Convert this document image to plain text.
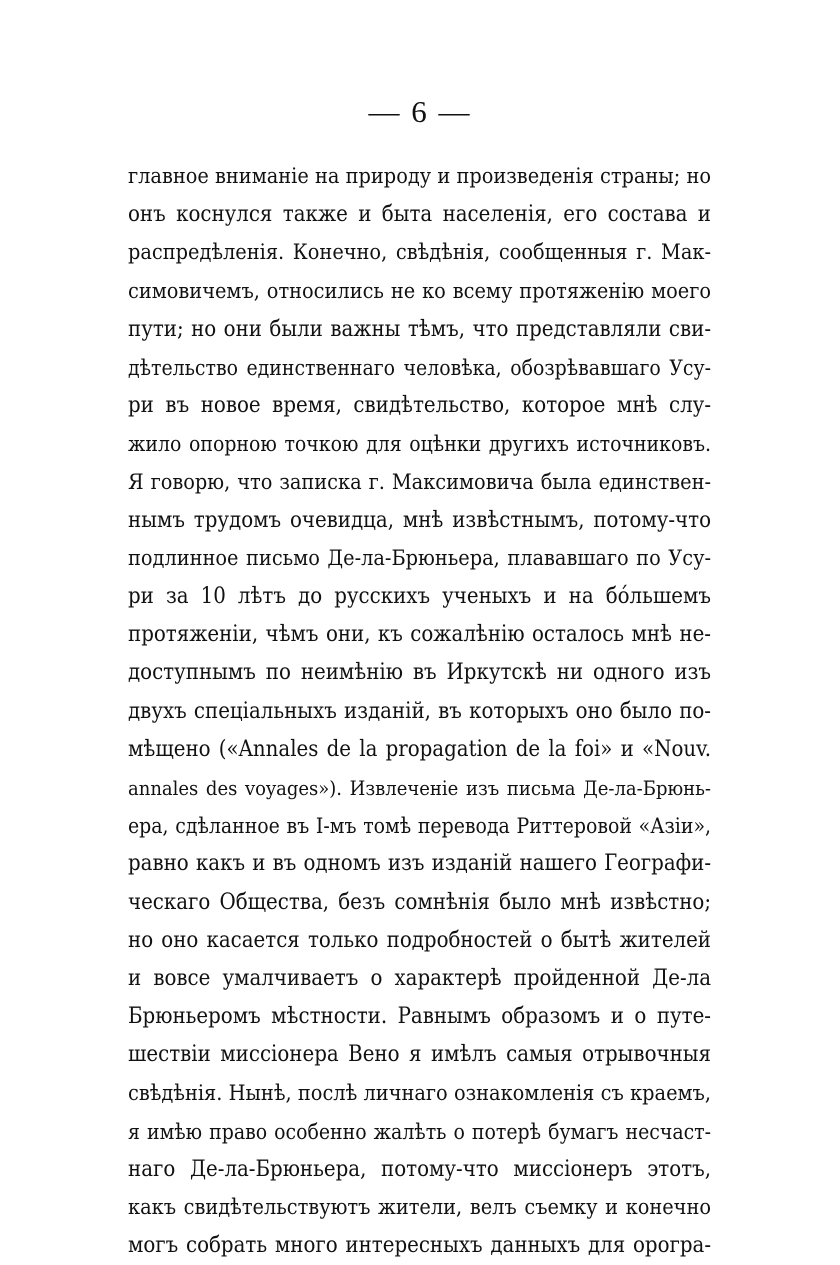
— 6 —
главное вниманіе на природу и произведенія страны; но
онъ коснулся также и быта населенія, его состава и
распредѣленія. Конечно, свѣдѣнія, сообщенныя г. Мак-
симовичемъ, относились не ко всему протяженію моего
пути; но они были важны тѣмъ, что представляли сви-
дѣтельство единственнаго человѣка, обозрѣвавшаго Усу-
ри въ новое время, свидѣтельство, которое мнѣ слу-
жило опорною точкою для оцѣнки другихъ источниковъ.
Я говорю, что записка г. Максимовича была единствен-
нымъ трудомъ очевидца, мнѣ извѣстнымъ, потому-что
подлинное письмо Де-ла-Брюньера, плававшаго по Усу-
ри за 10 лѣтъ до русскихъ ученыхъ и на бо́льшемъ
протяженіи, чѣмъ они, къ сожалѣнію осталось мнѣ не-
доступнымъ по неимѣнію въ Иркутскѣ ни одного изъ
двухъ спеціальныхъ изданій, въ которыхъ оно было по-
мѣщено («Annales de la propagation de la foi» и «Nouv.
annales des voyages»). Извлеченіе изъ письма Де-ла-Брюнь-
ера, сдѣланное въ I-мъ томѣ перевода Риттеровой «Азіи»,
равно какъ и въ одномъ изъ изданій нашего Географи-
ческаго Общества, безъ сомнѣнія было мнѣ извѣстно;
но оно касается только подробностей о бытѣ жителей
и вовсе умалчиваетъ о характерѣ пройденной Де-ла
Брюньеромъ мѣстности. Равнымъ образомъ и о путе-
шествіи миссіонера Вено я имѣлъ самыя отрывочныя
свѣдѣнія. Нынѣ, послѣ личнаго ознакомленія съ краемъ,
я имѣю право особенно жалѣть о потерѣ бумагъ несчаст-
наго Де-ла-Брюньера, потому-что миссіонеръ этотъ,
какъ свидѣтельствуютъ жители, велъ съемку и конечно
могъ собрать много интересныхъ данныхъ для орогра-
